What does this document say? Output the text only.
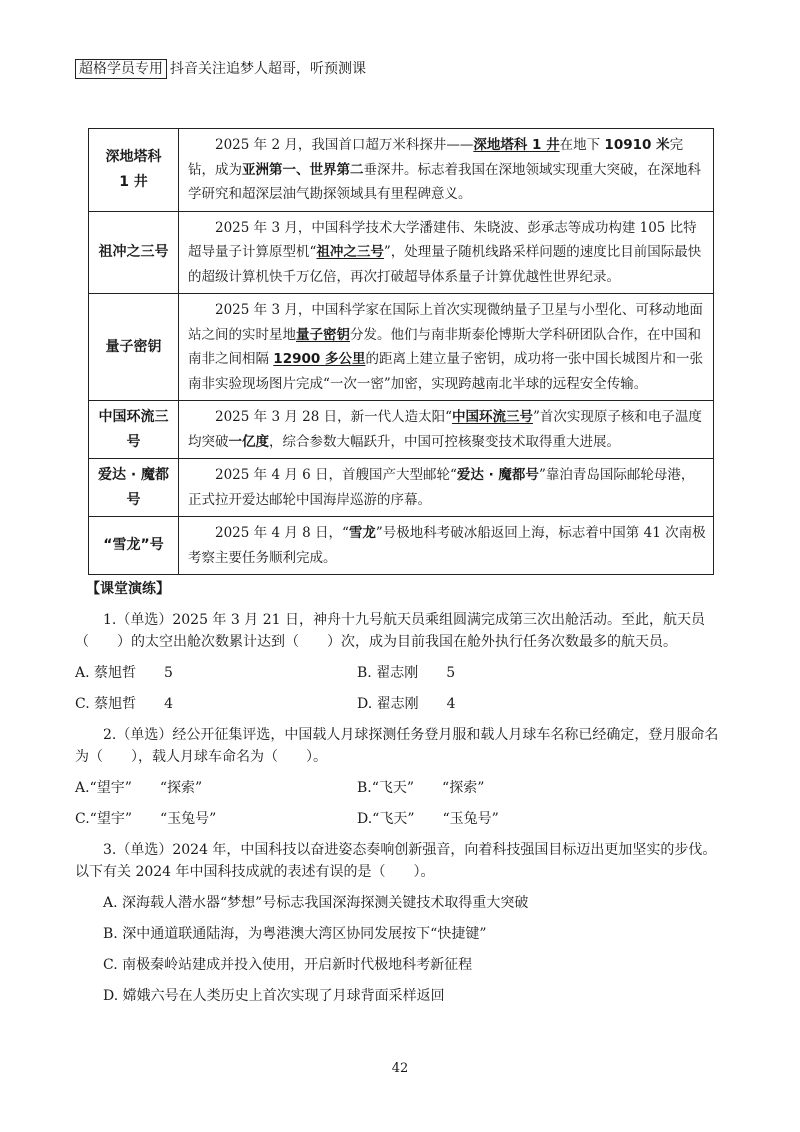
超格学员专用 抖音关注追梦人超哥，听预测课
深地塔科
1 井	2025 年 2 月，我国首口超万米科探井——深地塔科 1 井在地下 10910 米完钻，成为亚洲第一、世界第二垂深井。标志着我国在深地领域实现重大突破，在深地科学研究和超深层油气勘探领域具有里程碑意义。

祖冲之三号	2025 年 3 月，中国科学技术大学潘建伟、朱晓波、彭承志等成功构建 105 比特超导量子计算原型机“祖冲之三号”，处理量子随机线路采样问题的速度比目前国际最快的超级计算机快千万亿倍，再次打破超导体系量子计算优越性世界纪录。

量子密钥	2025 年 3 月，中国科学家在国际上首次实现微纳量子卫星与小型化、可移动地面站之间的实时星地量子密钥分发。他们与南非斯泰伦博斯大学科研团队合作，在中国和南非之间相隔 12900 多公里的距离上建立量子密钥，成功将一张中国长城图片和一张南非实验现场图片完成“一次一密”加密，实现跨越南北半球的远程安全传输。

中国环流三号	2025 年 3 月 28 日，新一代人造太阳“中国环流三号”首次实现原子核和电子温度均突破一亿度，综合参数大幅跃升，中国可控核聚变技术取得重大进展。

爱达 · 魔都号	2025 年 4 月 6 日，首艘国产大型邮轮“爱达 · 魔都号”靠泊青岛国际邮轮母港，正式拉开爱达邮轮中国海岸巡游的序幕。

“雪龙”号	2025 年 4 月 8 日，“雪龙”号极地科考破冰船返回上海，标志着中国第 41 次南极考察主要任务顺利完成。
【课堂演练】
1.（单选）2025 年 3 月 21 日，神舟十九号航天员乘组圆满完成第三次出舱活动。至此，航天员（　　）的太空出舱次数累计达到（　　）次，成为目前我国在舱外执行任务次数最多的航天员。
A. 蔡旭哲　　5	B. 翟志刚　　5
C. 蔡旭哲　　4	D. 翟志刚　　4
2.（单选）经公开征集评选，中国载人月球探测任务登月服和载人月球车名称已经确定，登月服命名为（　　），载人月球车命名为（　　）。
A.“望宇”　　“探索”	B.“飞天”　　“探索”
C.“望宇”　　“玉兔号”	D.“飞天”　　“玉兔号”
3.（单选）2024 年，中国科技以奋进姿态奏响创新强音，向着科技强国目标迈出更加坚实的步伐。以下有关 2024 年中国科技成就的表述有误的是（　　）。
A. 深海载人潜水器“梦想”号标志我国深海探测关键技术取得重大突破
B. 深中通道联通陆海，为粤港澳大湾区协同发展按下“快捷键”
C. 南极秦岭站建成并投入使用，开启新时代极地科考新征程
D. 嫦娥六号在人类历史上首次实现了月球背面采样返回
42
